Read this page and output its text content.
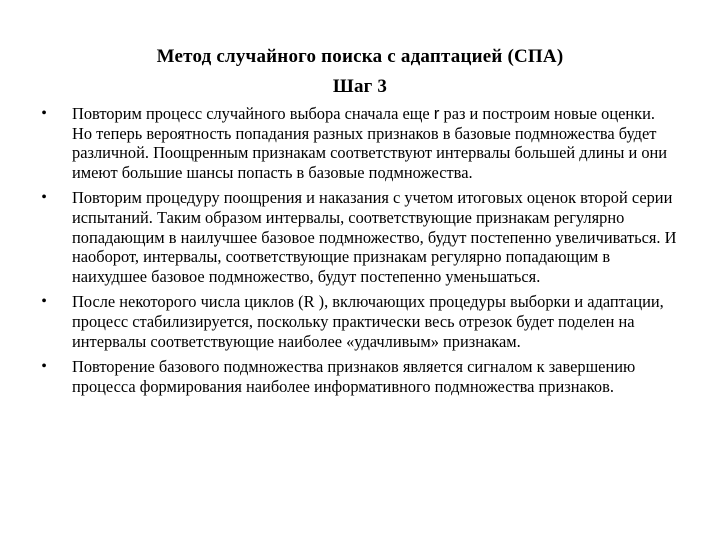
Метод случайного поиска с адаптацией (СПА)
Шаг 3
• Повторим процесс случайного выбора сначала еще r раз и построим новые оценки. Но теперь вероятность попадания разных признаков в базовые подмножества будет различной. Поощренным признакам соответствуют интервалы большей длины и они имеют большие шансы попасть в базовые подмножества.
• Повторим процедуру поощрения и наказания с учетом итоговых оценок второй серии испытаний. Таким образом интервалы, соответствующие признакам регулярно попадающим в наилучшее базовое подмножество, будут постепенно увеличиваться. И наоборот, интервалы, соответствующие признакам регулярно попадающим в наихудшее базовое подмножество, будут постепенно уменьшаться.
• После некоторого числа циклов (R ), включающих процедуры выборки и адаптации, процесс стабилизируется, поскольку практически весь отрезок будет поделен на интервалы соответствующие наиболее «удачливым» признакам.
• Повторение базового подмножества признаков является сигналом к завершению процесса формирования наиболее информативного подмножества признаков.
